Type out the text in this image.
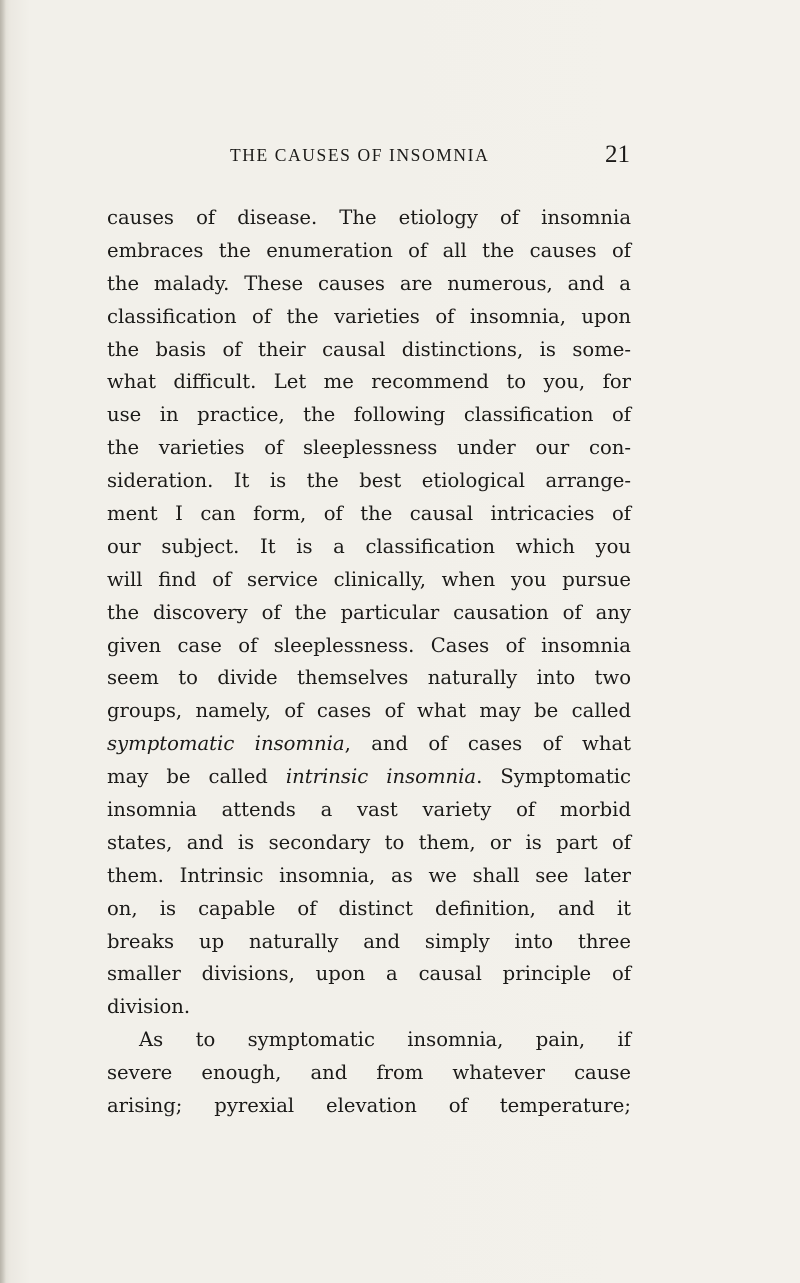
THE CAUSES OF INSOMNIA	21
causes of disease. The etiology of insomnia
embraces the enumeration of all the causes of
the malady. These causes are numerous, and a
classification of the varieties of insomnia, upon
the basis of their causal distinctions, is some-
what difficult. Let me recommend to you, for
use in practice, the following classification of
the varieties of sleeplessness under our con-
sideration. It is the best etiological arrange-
ment I can form, of the causal intricacies of
our subject. It is a classification which you
will find of service clinically, when you pursue
the discovery of the particular causation of any
given case of sleeplessness. Cases of insomnia
seem to divide themselves naturally into two
groups, namely, of cases of what may be called
symptomatic insomnia, and of cases of what
may be called intrinsic insomnia. Symptomatic
insomnia attends a vast variety of morbid
states, and is secondary to them, or is part of
them. Intrinsic insomnia, as we shall see later
on, is capable of distinct definition, and it
breaks up naturally and simply into three
smaller divisions, upon a causal principle of
division.
As to symptomatic insomnia, pain, if
severe enough, and from whatever cause
arising; pyrexial elevation of temperature;
